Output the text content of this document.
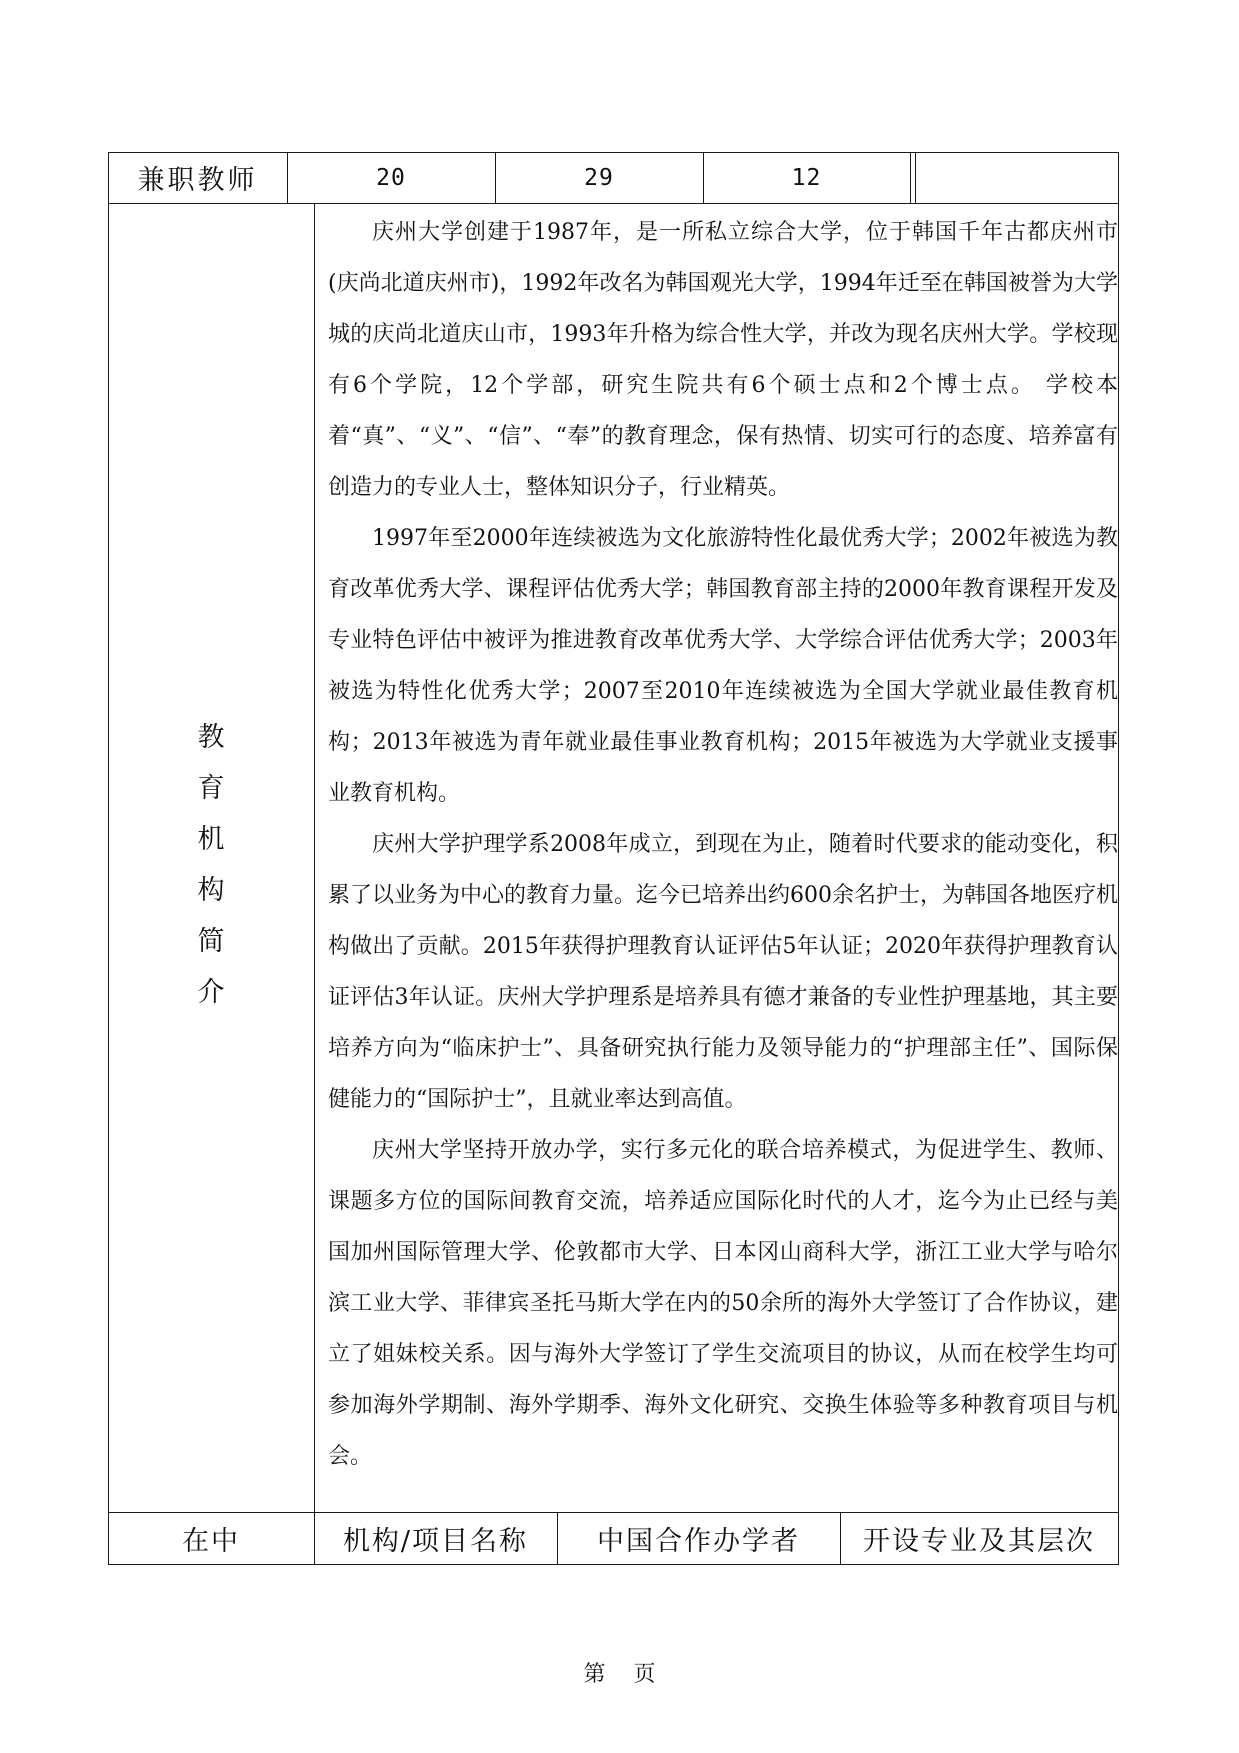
兼职教师	20	29	12
教
育
机
构
简
介

庆州大学创建于1987年，是一所私立综合大学，位于韩国千年古都庆州市(庆尚北道庆州市)，1992年改名为韩国观光大学，1994年迁至在韩国被誉为大学城的庆尚北道庆山市，1993年升格为综合性大学，并改为现名庆州大学。学校现有6个学院，12个学部，研究生院共有6个硕士点和2个博士点。 学校本着“真”、“义”、“信”、“奉”的教育理念，保有热情、切实可行的态度、培养富有创造力的专业人士，整体知识分子，行业精英。

1997年至2000年连续被选为文化旅游特性化最优秀大学；2002年被选为教育改革优秀大学、课程评估优秀大学；韩国教育部主持的2000年教育课程开发及专业特色评估中被评为推进教育改革优秀大学、大学综合评估优秀大学；2003年被选为特性化优秀大学；2007至2010年连续被选为全国大学就业最佳教育机构；2013年被选为青年就业最佳事业教育机构；2015年被选为大学就业支援事业教育机构。

庆州大学护理学系2008年成立，到现在为止，随着时代要求的能动变化，积累了以业务为中心的教育力量。迄今已培养出约600余名护士，为韩国各地医疗机构做出了贡献。2015年获得护理教育认证评估5年认证；2020年获得护理教育认证评估3年认证。庆州大学护理系是培养具有德才兼备的专业性护理基地，其主要培养方向为“临床护士”、具备研究执行能力及领导能力的“护理部主任”、国际保健能力的“国际护士”，且就业率达到高值。

庆州大学坚持开放办学，实行多元化的联合培养模式，为促进学生、教师、课题多方位的国际间教育交流，培养适应国际化时代的人才，迄今为止已经与美国加州国际管理大学、伦敦都市大学、日本冈山商科大学，浙江工业大学与哈尔滨工业大学、菲律宾圣托马斯大学在内的50余所的海外大学签订了合作协议，建立了姐妹校关系。因与海外大学签订了学生交流项目的协议，从而在校学生均可参加海外学期制、海外学期季、海外文化研究、交换生体验等多种教育项目与机会。

在中	机构/项目名称	中国合作办学者	开设专业及其层次
第 页
